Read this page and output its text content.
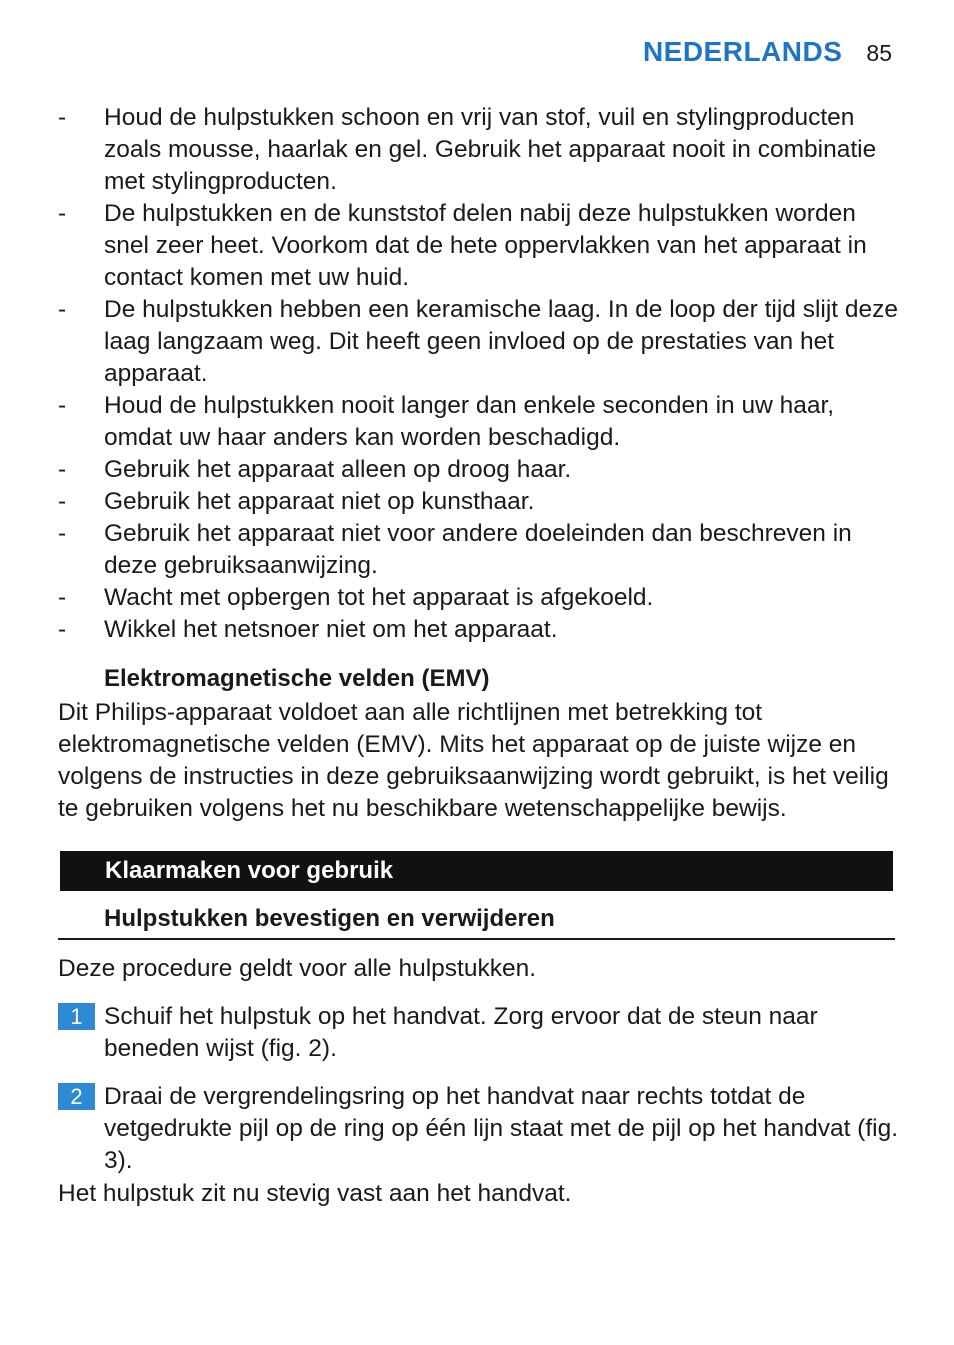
NEDERLANDS 85
- Houd de hulpstukken schoon en vrij van stof, vuil en stylingproducten zoals mousse, haarlak en gel. Gebruik het apparaat nooit in combinatie met stylingproducten.
- De hulpstukken en de kunststof delen nabij deze hulpstukken worden snel zeer heet. Voorkom dat de hete oppervlakken van het apparaat in contact komen met uw huid.
- De hulpstukken hebben een keramische laag. In de loop der tijd slijt deze laag langzaam weg. Dit heeft geen invloed op de prestaties van het apparaat.
- Houd de hulpstukken nooit langer dan enkele seconden in uw haar, omdat uw haar anders kan worden beschadigd.
- Gebruik het apparaat alleen op droog haar.
- Gebruik het apparaat niet op kunsthaar.
- Gebruik het apparaat niet voor andere doeleinden dan beschreven in deze gebruiksaanwijzing.
- Wacht met opbergen tot het apparaat is afgekoeld.
- Wikkel het netsnoer niet om het apparaat.
Elektromagnetische velden (EMV)
Dit Philips-apparaat voldoet aan alle richtlijnen met betrekking tot elektromagnetische velden (EMV). Mits het apparaat op de juiste wijze en volgens de instructies in deze gebruiksaanwijzing wordt gebruikt, is het veilig te gebruiken volgens het nu beschikbare wetenschappelijke bewijs.
Klaarmaken voor gebruik
Hulpstukken bevestigen en verwijderen
Deze procedure geldt voor alle hulpstukken.
1 Schuif het hulpstuk op het handvat. Zorg ervoor dat de steun naar beneden wijst (fig. 2).
2 Draai de vergrendelingsring op het handvat naar rechts totdat de vetgedrukte pijl op de ring op één lijn staat met de pijl op het handvat (fig. 3).
Het hulpstuk zit nu stevig vast aan het handvat.
